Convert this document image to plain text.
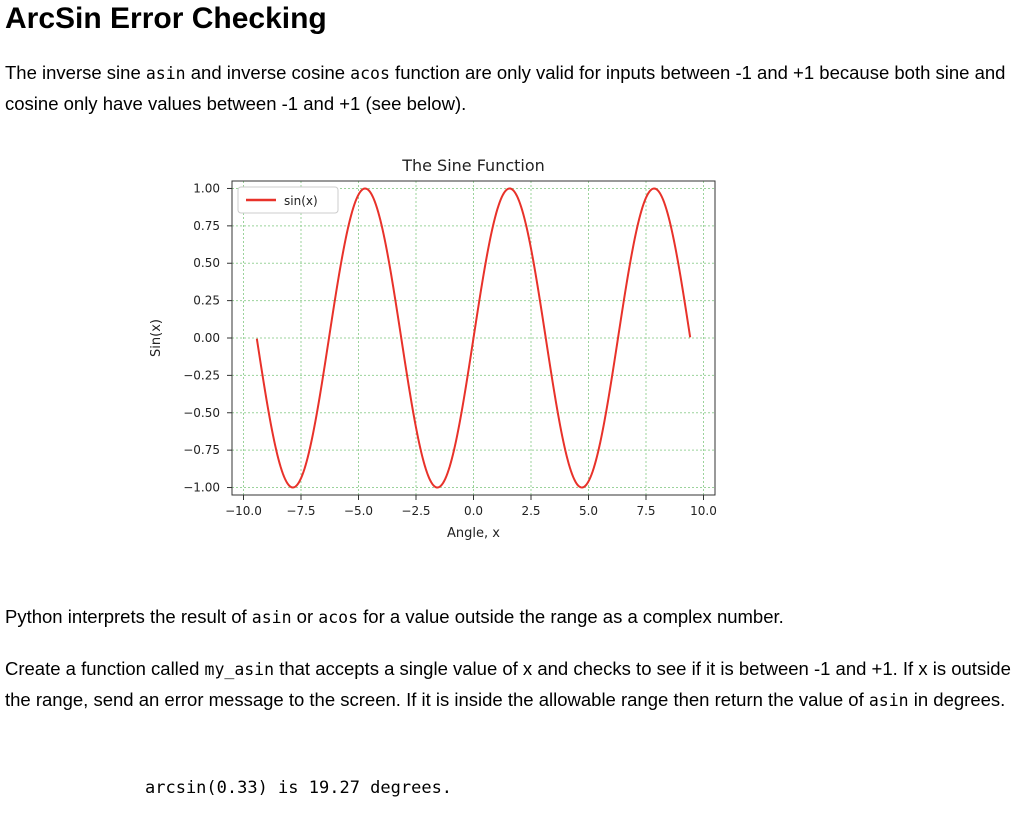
ArcSin Error Checking

The inverse sine asin and inverse cosine acos function are only valid for inputs between -1 and +1 because both sine and cosine only have values between -1 and +1 (see below).

−10.0 −7.5 −5.0 −2.5	0.0	2.5	5.0	7.5	10.0
1.00
0.75
0.50
0.25
0.00
−0.25
−0.50
−0.75
−1.00
The Sine Function
Angle, x
Sin(x)
sin(x)

Python interprets the result of asin or acos for a value outside the range as a complex number.

Create a function called my_asin that accepts a single value of x and checks to see if it is between -1 and +1. If x is outside the range, send an error message to the screen. If it is inside the allowable range then return the value of asin in degrees.

arcsin(0.33) is 19.27 degrees.
